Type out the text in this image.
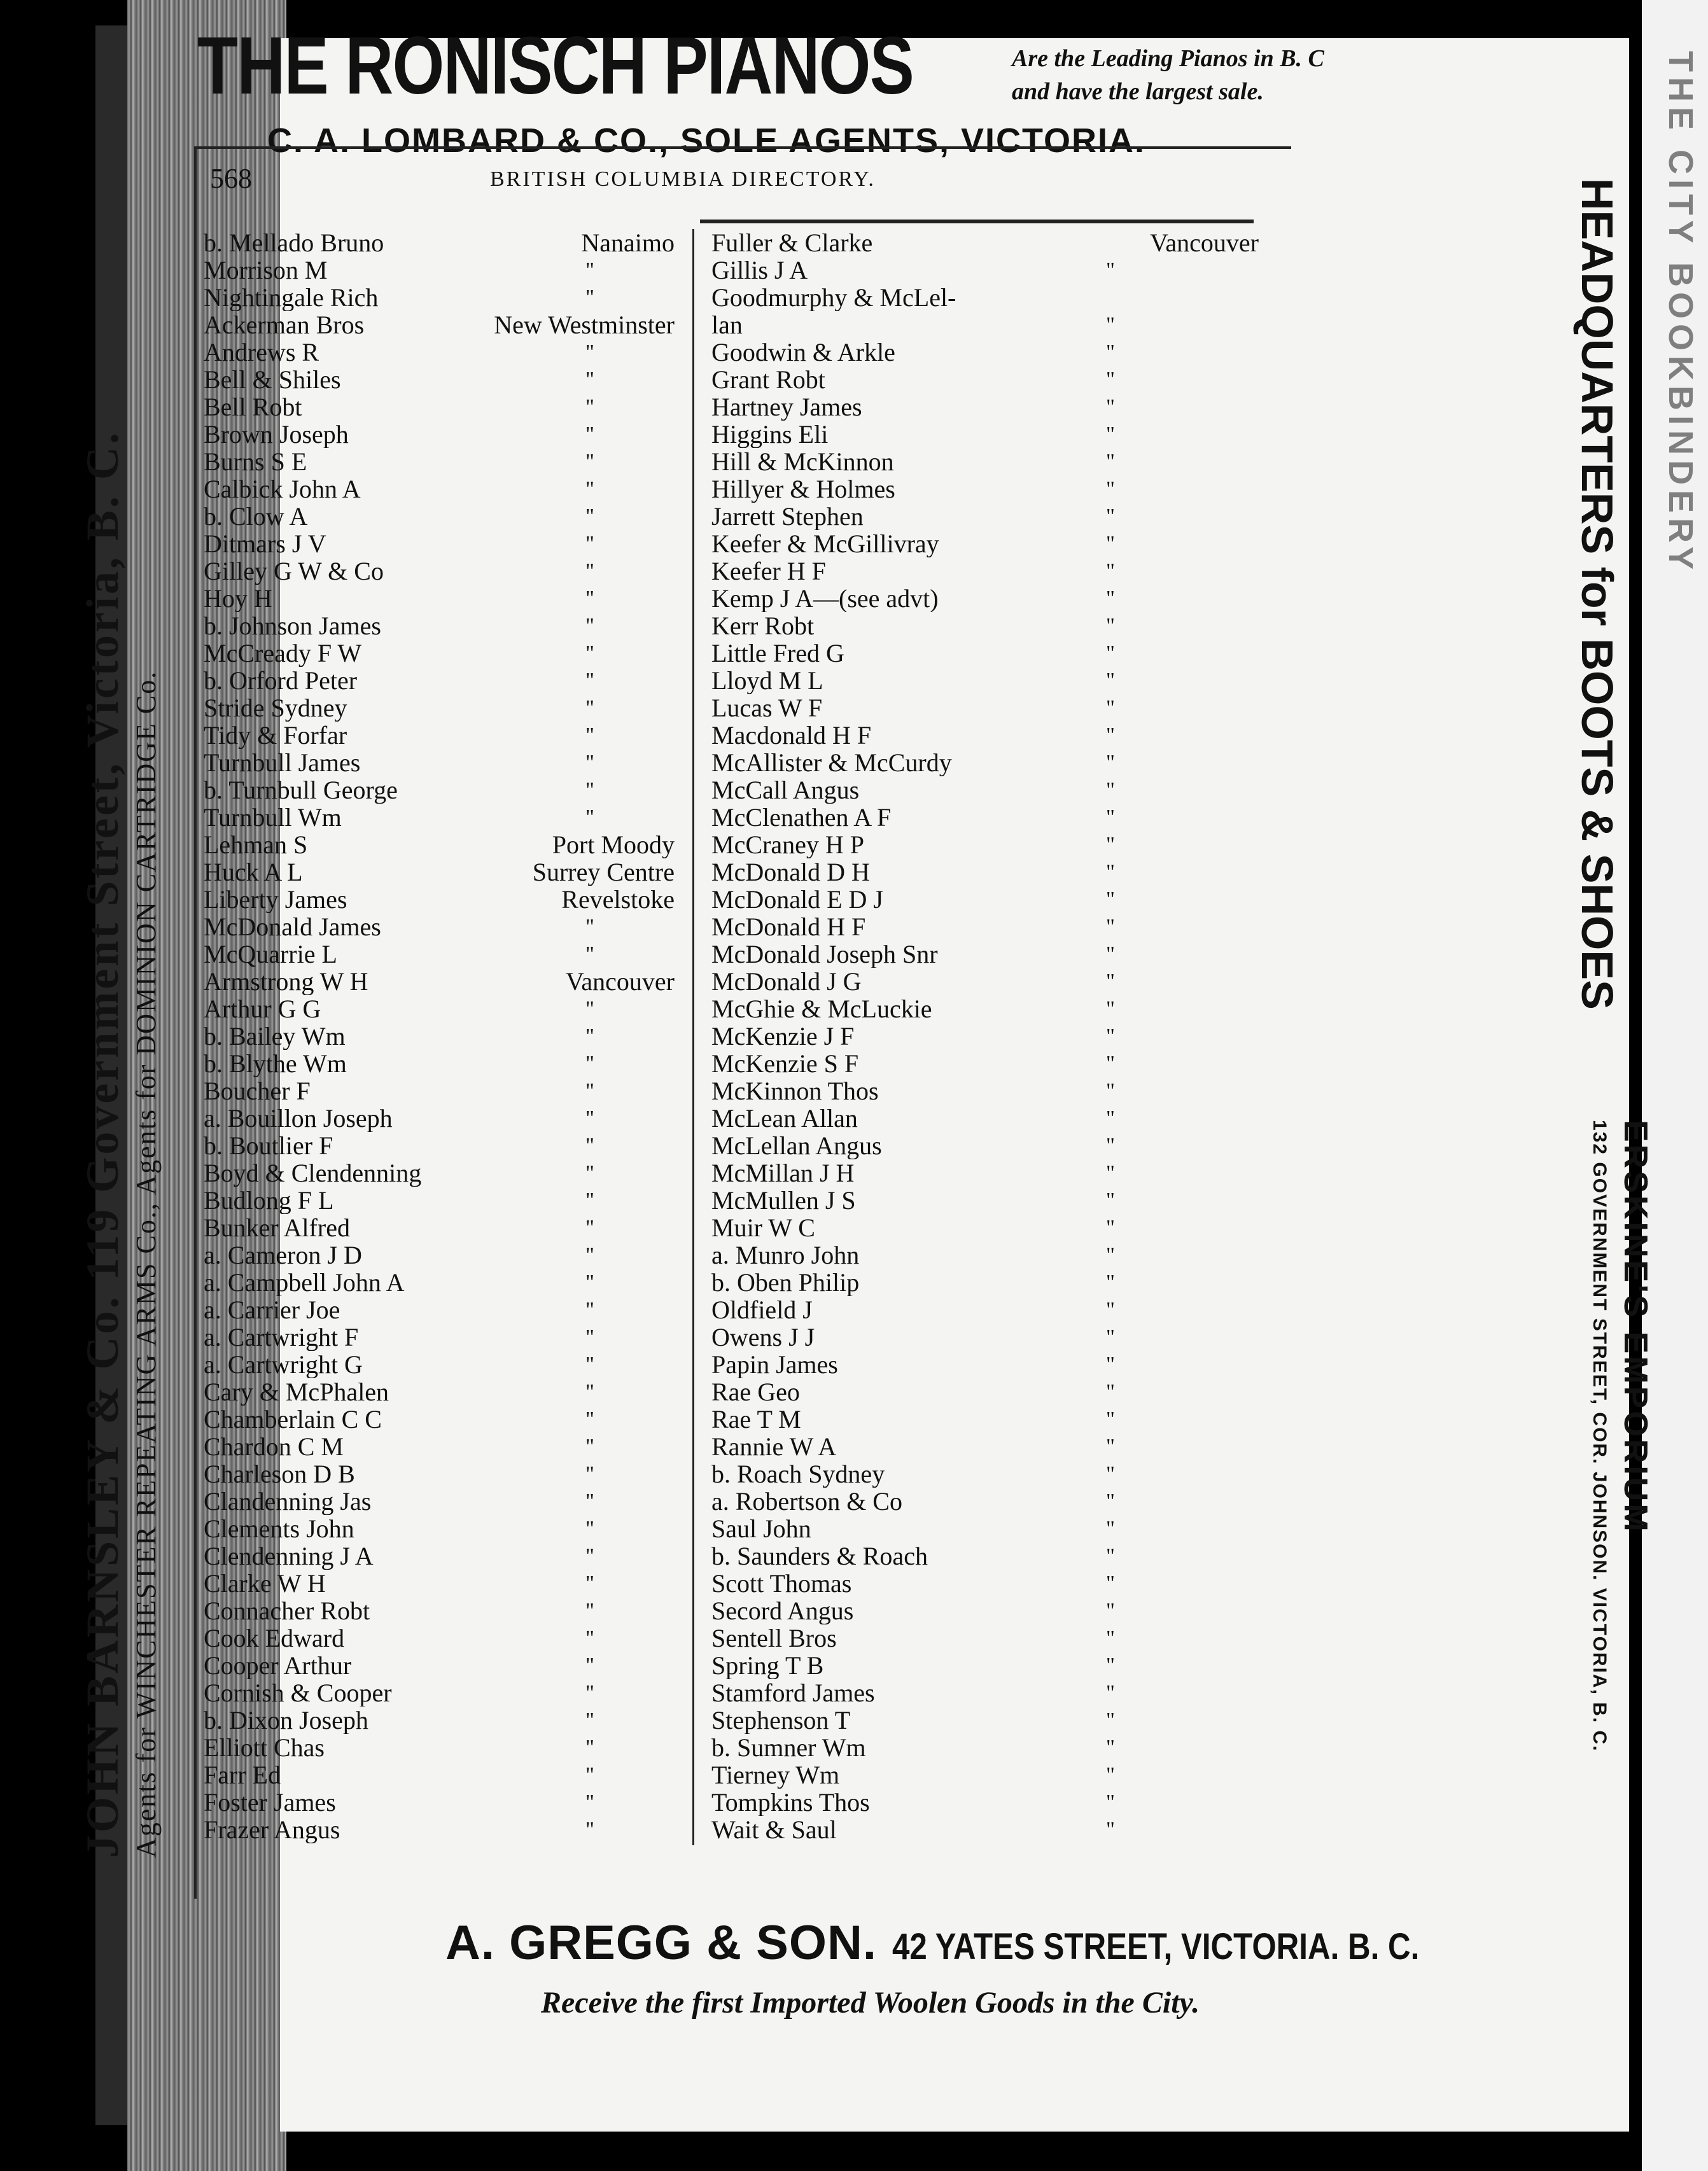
THE CITY BOOKBINDERY
THE RONISCH PIANOS	Are the Leading Pianos in B. C
and have the largest sale.
C. A. LOMBARD & CO., SOLE AGENTS, VICTORIA.
568	BRITISH COLUMBIA DIRECTORY.
b. Mellado Bruno	Nanaimo
Morrison M	"
Nightingale Rich	"
Ackerman Bros	New Westminster
Andrews R	"
Bell & Shiles	"
Bell Robt	"
Brown Joseph	"
Burns S E	"
Calbick John A	"
b. Clow A	"
Ditmars J V	"
Gilley G W & Co	"
Hoy H	"
b. Johnson James	"
McCready F W	"
b. Orford Peter	"
Stride Sydney	"
Tidy & Forfar	"
Turnbull James	"
b. Turnbull George	"
Turnbull Wm	"
Lehman S	Port Moody
Huck A L	Surrey Centre
Liberty James	Revelstoke
McDonald James	"
McQuarrie L	"
Armstrong W H	Vancouver
Arthur G G	"
b. Bailey Wm	"
b. Blythe Wm	"
Boucher F	"
a. Bouillon Joseph	"
b. Boutlier F	"
Boyd & Clendenning	"
Budlong F L	"
Bunker Alfred	"
a. Cameron J D	"
a. Campbell John A	"
a. Carrier Joe	"
a. Cartwright F	"
a. Cartwright G	"
Cary & McPhalen	"
Chamberlain C C	"
Chardon C M	"
Charleson D B	"
Clandenning Jas	"
Clements John	"
Clendenning J A	"
Clarke W H	"
Connacher Robt	"
Cook Edward	"
Cooper Arthur	"
Cornish & Cooper	"
b. Dixon Joseph	"
Elliott Chas	"
Farr Ed	"
Foster James	"
Frazer Angus	"
Fuller & Clarke	Vancouver
Gillis J A	"
Goodmurphy & McLel-
lan	"
Goodwin & Arkle	"
Grant Robt	"
Hartney James	"
Higgins Eli	"
Hill & McKinnon	"
Hillyer & Holmes	"
Jarrett Stephen	"
Keefer & McGillivray	"
Keefer H F	"
Kemp J A—(see advt)	"
Kerr Robt	"
Little Fred G	"
Lloyd M L	"
Lucas W F	"
Macdonald H F	"
McAllister & McCurdy	"
McCall Angus	"
McClenathen A F	"
McCraney H P	"
McDonald D H	"
McDonald E D J	"
McDonald H F	"
McDonald Joseph Snr	"
McDonald J G	"
McGhie & McLuckie	"
McKenzie J F	"
McKenzie S F	"
McKinnon Thos	"
McLean Allan	"
McLellan Angus	"
McMillan J H	"
McMullen J S	"
Muir W C	"
a. Munro John	"
b. Oben Philip	"
Oldfield J	"
Owens J J	"
Papin James	"
Rae Geo	"
Rae T M	"
Rannie W A	"
b. Roach Sydney	"
a. Robertson & Co	"
Saul John	"
b. Saunders & Roach	"
Scott Thomas	"
Secord Angus	"
Sentell Bros	"
Spring T B	"
Stamford James	"
Stephenson T	"
b. Sumner Wm	"
Tierney Wm	"
Tompkins Thos	"
Wait & Saul	"
JOHN BARNSLEY & Co. 119 Government Street, Victoria, B. C. Agents for WINCHESTER REPEATING ARMS Co., Agents for DOMINION CARTRIDGE Co.
HEADQUARTERS for BOOTS & SHOES
ERSKINE'S EMPORIUM
132 GOVERNMENT STREET, COR. JOHNSON. VICTORIA, B. C.
A. GREGG & SON. 42 YATES STREET, VICTORIA. B. C.
Receive the first Imported Woolen Goods in the City.
